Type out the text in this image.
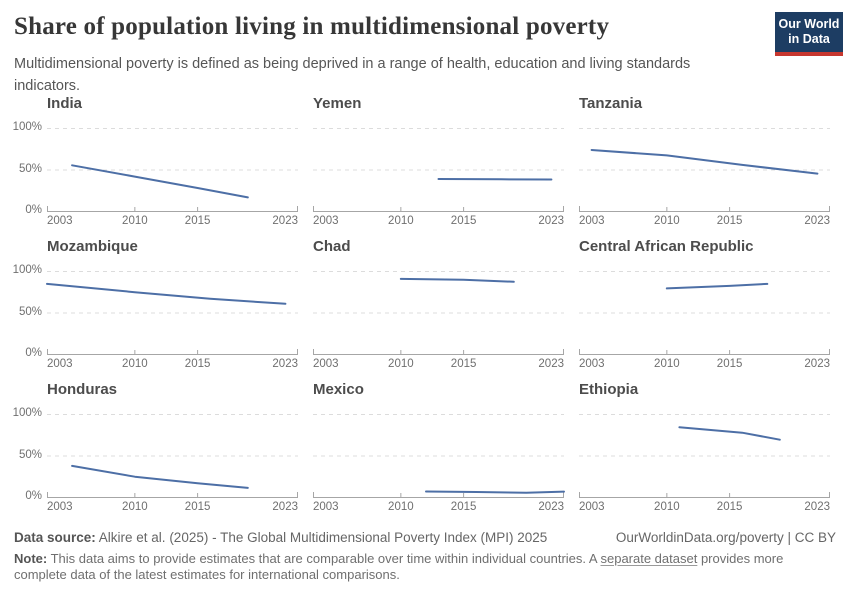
Share of population living in multidimensional poverty	Our World
in Data

Multidimensional poverty is defined as being deprived in a range of health, education and living standards indicators.

India
2003	2010	2015	2023
0%
50%
100%
Yemen
2003	2010	2015	2023
Tanzania
2003	2010	2015	2023
Mozambique
2003	2010	2015	2023
0%
50%
100%
Chad
2003	2010	2015	2023
Central African Republic
2003	2010	2015	2023
Honduras
2003	2010	2015	2023
0%
50%
100%
Mexico
2003	2010	2015	2023
Ethiopia
2003	2010	2015	2023
Data source: Alkire et al. (2025) - The Global Multidimensional Poverty Index (MPI) 2025	OurWorldinData.org/poverty | CC BY
Note: This data aims to provide estimates that are comparable over time within individual countries. A separate dataset provides more complete data of the latest estimates for international comparisons.
